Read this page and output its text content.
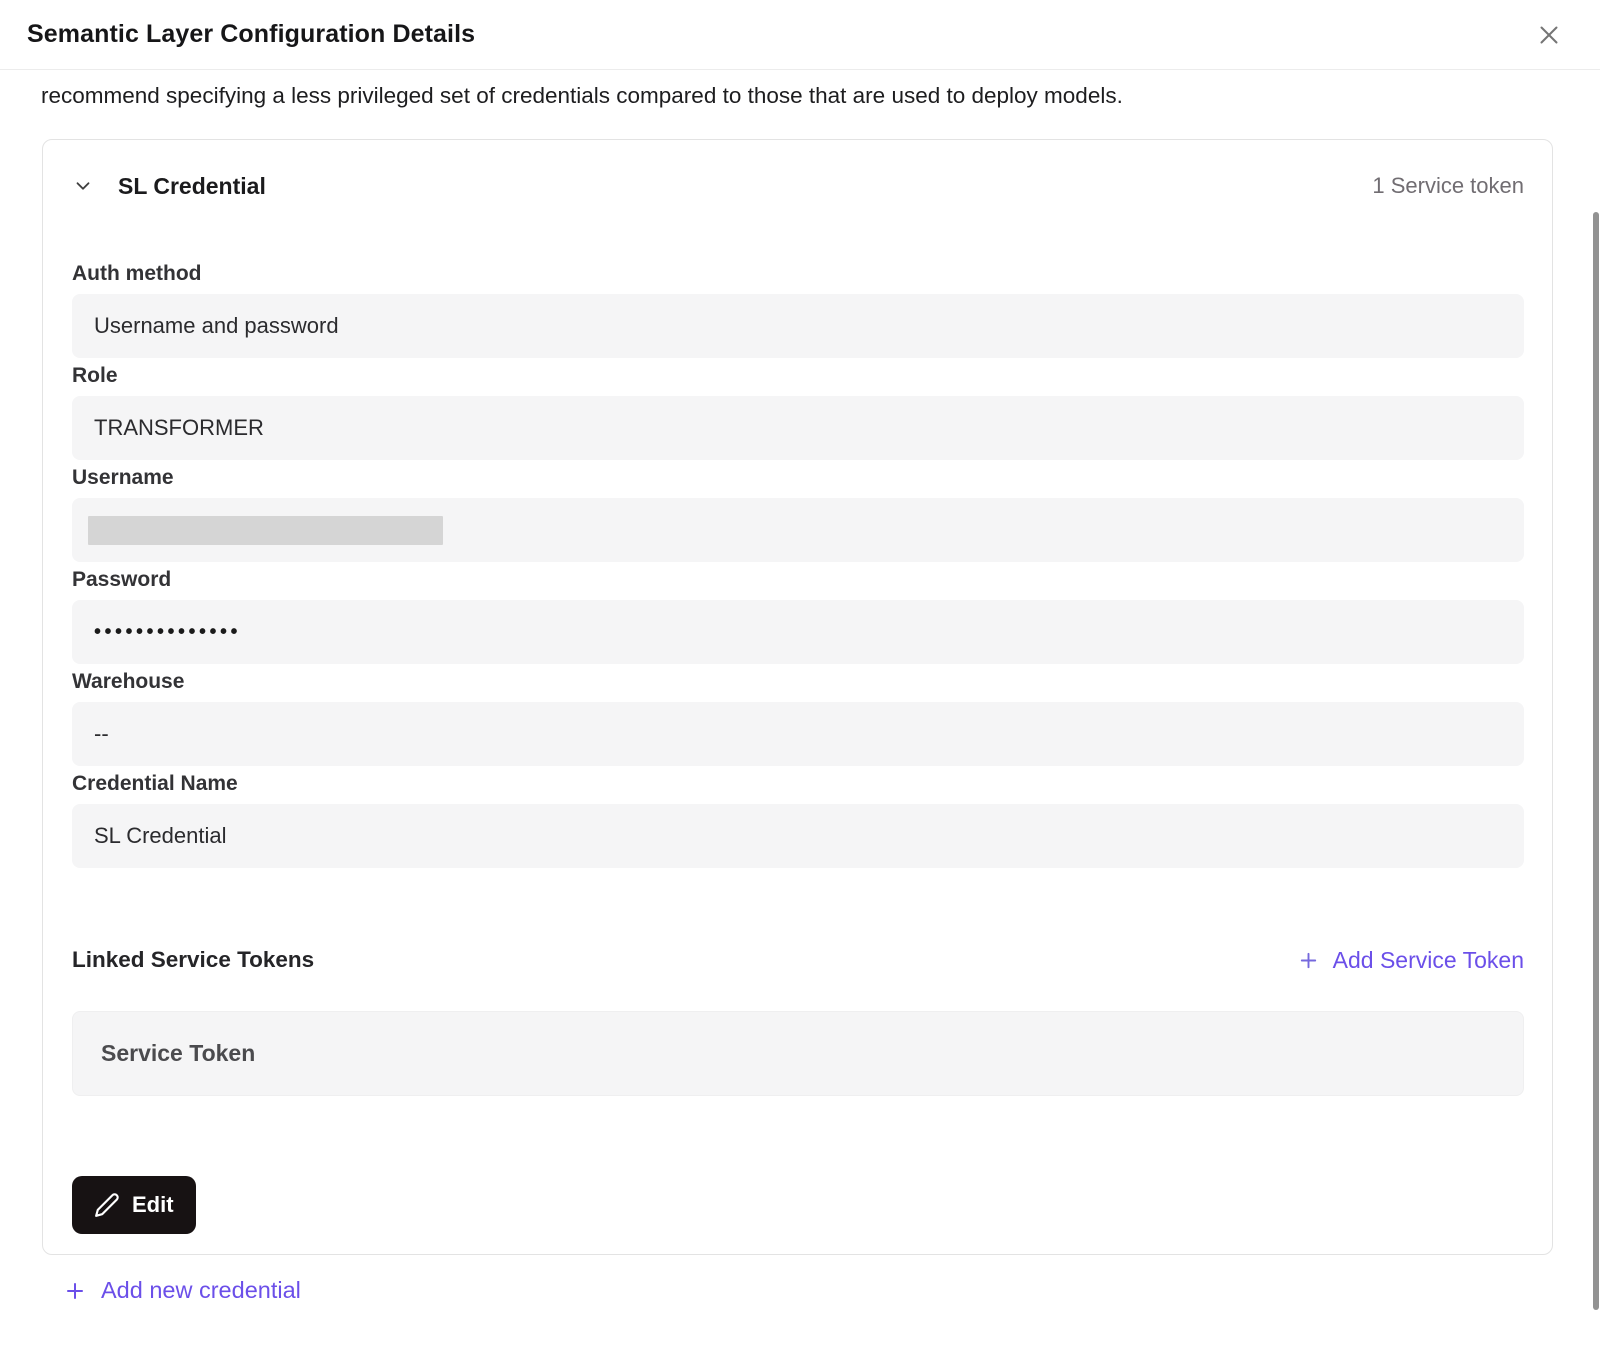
Semantic Layer Configuration Details
recommend specifying a less privileged set of credentials compared to those that are used to deploy models.
SL Credential	1 Service token
Auth method
Username and password
Role
TRANSFORMER
Username
Password
••••••••••••••
Warehouse
--
Credential Name
SL Credential
Linked Service Tokens	Add Service Token
Service Token
Edit
Add new credential
